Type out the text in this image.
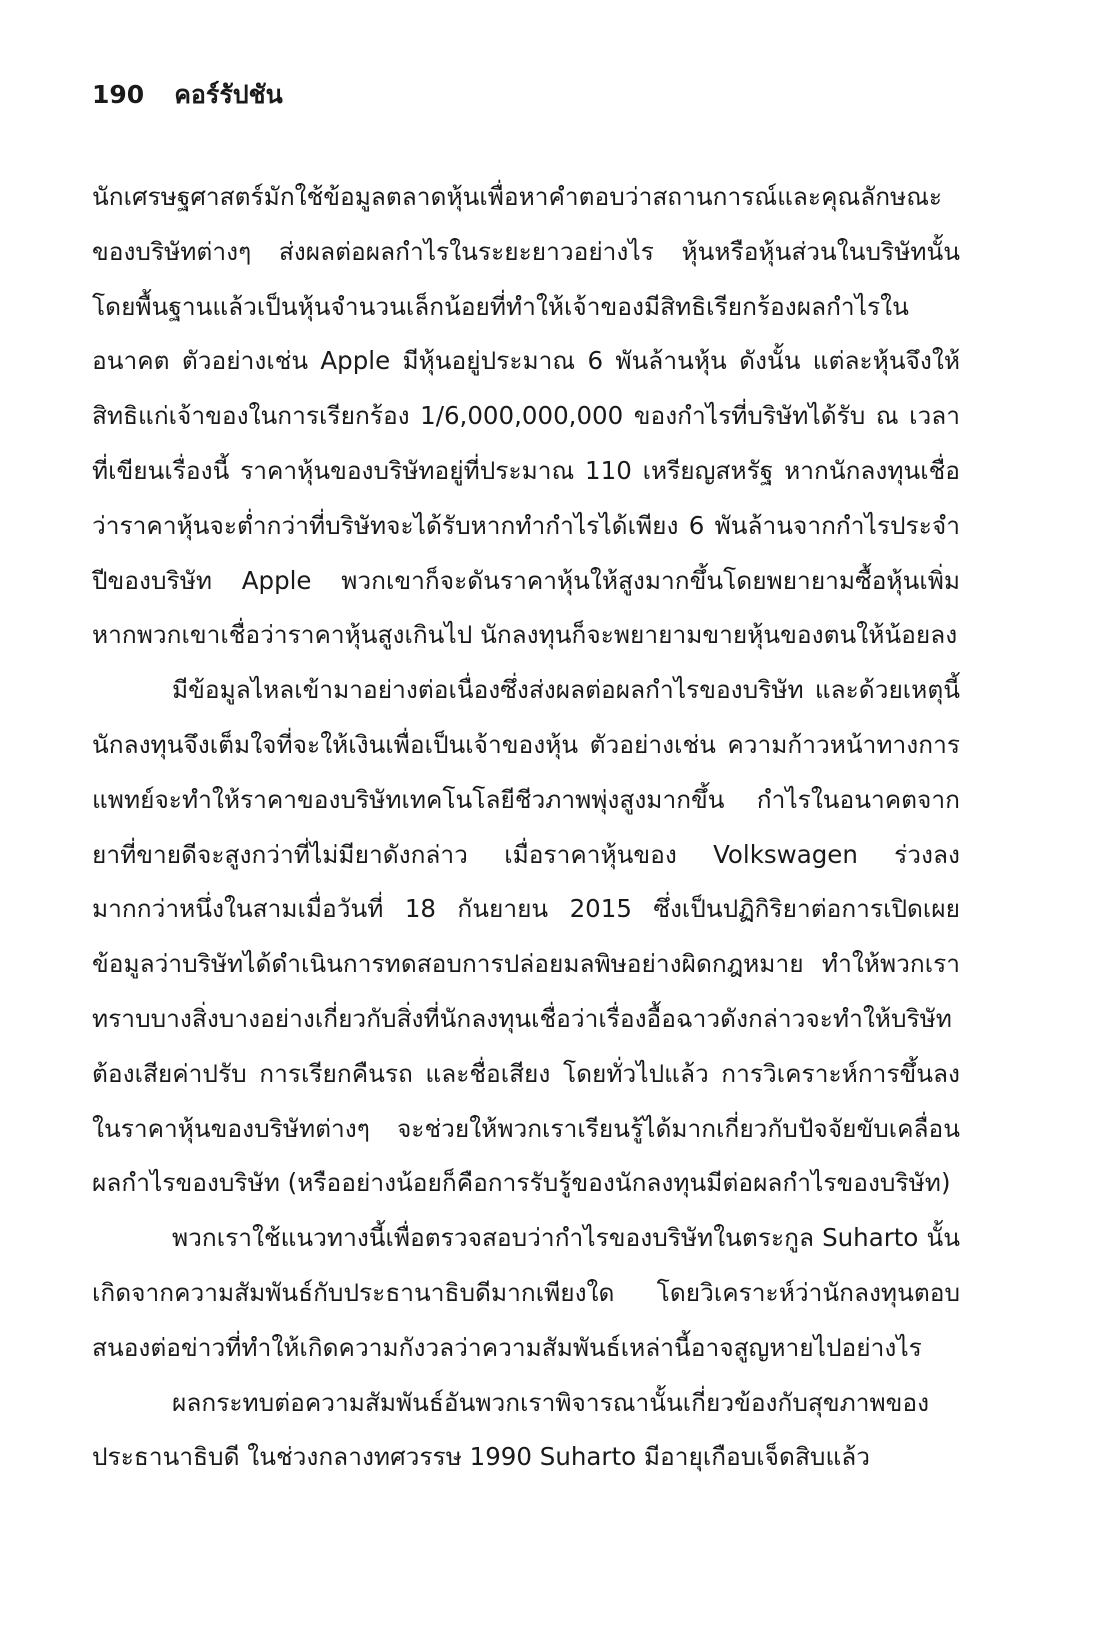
190 คอร์รัปชัน

นักเศรษฐศาสตร์มักใช้ข้อมูลตลาดหุ้นเพื่อหาคำตอบว่าสถานการณ์และคุณลักษณะของบริษัทต่างๆ ส่งผลต่อผลกำไรในระยะยาวอย่างไร หุ้นหรือหุ้นส่วนในบริษัทนั้นโดยพื้นฐานแล้วเป็นหุ้นจำนวนเล็กน้อยที่ทำให้เจ้าของมีสิทธิเรียกร้องผลกำไรในอนาคต ตัวอย่างเช่น Apple มีหุ้นอยู่ประมาณ 6 พันล้านหุ้น ดังนั้น แต่ละหุ้นจึงให้สิทธิแก่เจ้าของในการเรียกร้อง 1/6,000,000,000 ของกำไรที่บริษัทได้รับ ณ เวลาที่เขียนเรื่องนี้ ราคาหุ้นของบริษัทอยู่ที่ประมาณ 110 เหรียญสหรัฐ หากนักลงทุนเชื่อว่าราคาหุ้นจะต่ำกว่าที่บริษัทจะได้รับหากทำกำไรได้เพียง 6 พันล้านจากกำไรประจำปีของบริษัท Apple พวกเขาก็จะดันราคาหุ้นให้สูงมากขึ้นโดยพยายามซื้อหุ้นเพิ่ม หากพวกเขาเชื่อว่าราคาหุ้นสูงเกินไป นักลงทุนก็จะพยายามขายหุ้นของตนให้น้อยลง

มีข้อมูลไหลเข้ามาอย่างต่อเนื่องซึ่งส่งผลต่อผลกำไรของบริษัท และด้วยเหตุนี้นักลงทุนจึงเต็มใจที่จะให้เงินเพื่อเป็นเจ้าของหุ้น ตัวอย่างเช่น ความก้าวหน้าทางการแพทย์จะทำให้ราคาของบริษัทเทคโนโลยีชีวภาพพุ่งสูงมากขึ้น กำไรในอนาคตจากยาที่ขายดีจะสูงกว่าที่ไม่มียาดังกล่าว เมื่อราคาหุ้นของ Volkswagen ร่วงลงมากกว่าหนึ่งในสามเมื่อวันที่ 18 กันยายน 2015 ซึ่งเป็นปฏิกิริยาต่อการเปิดเผยข้อมูลว่าบริษัทได้ดำเนินการทดสอบการปล่อยมลพิษอย่างผิดกฎหมาย ทำให้พวกเราทราบบางสิ่งบางอย่างเกี่ยวกับสิ่งที่นักลงทุนเชื่อว่าเรื่องอื้อฉาวดังกล่าวจะทำให้บริษัทต้องเสียค่าปรับ การเรียกคืนรถ และชื่อเสียง โดยทั่วไปแล้ว การวิเคราะห์การขึ้นลงในราคาหุ้นของบริษัทต่างๆ จะช่วยให้พวกเราเรียนรู้ได้มากเกี่ยวกับปัจจัยขับเคลื่อนผลกำไรของบริษัท (หรืออย่างน้อยก็คือการรับรู้ของนักลงทุนมีต่อผลกำไรของบริษัท)

พวกเราใช้แนวทางนี้เพื่อตรวจสอบว่ากำไรของบริษัทในตระกูล Suharto นั้นเกิดจากความสัมพันธ์กับประธานาธิบดีมากเพียงใด โดยวิเคราะห์ว่านักลงทุนตอบสนองต่อข่าวที่ทำให้เกิดความกังวลว่าความสัมพันธ์เหล่านี้อาจสูญหายไปอย่างไร

ผลกระทบต่อความสัมพันธ์อันพวกเราพิจารณานั้นเกี่ยวข้องกับสุขภาพของประธานาธิบดี ในช่วงกลางทศวรรษ 1990 Suharto มีอายุเกือบเจ็ดสิบแล้ว
